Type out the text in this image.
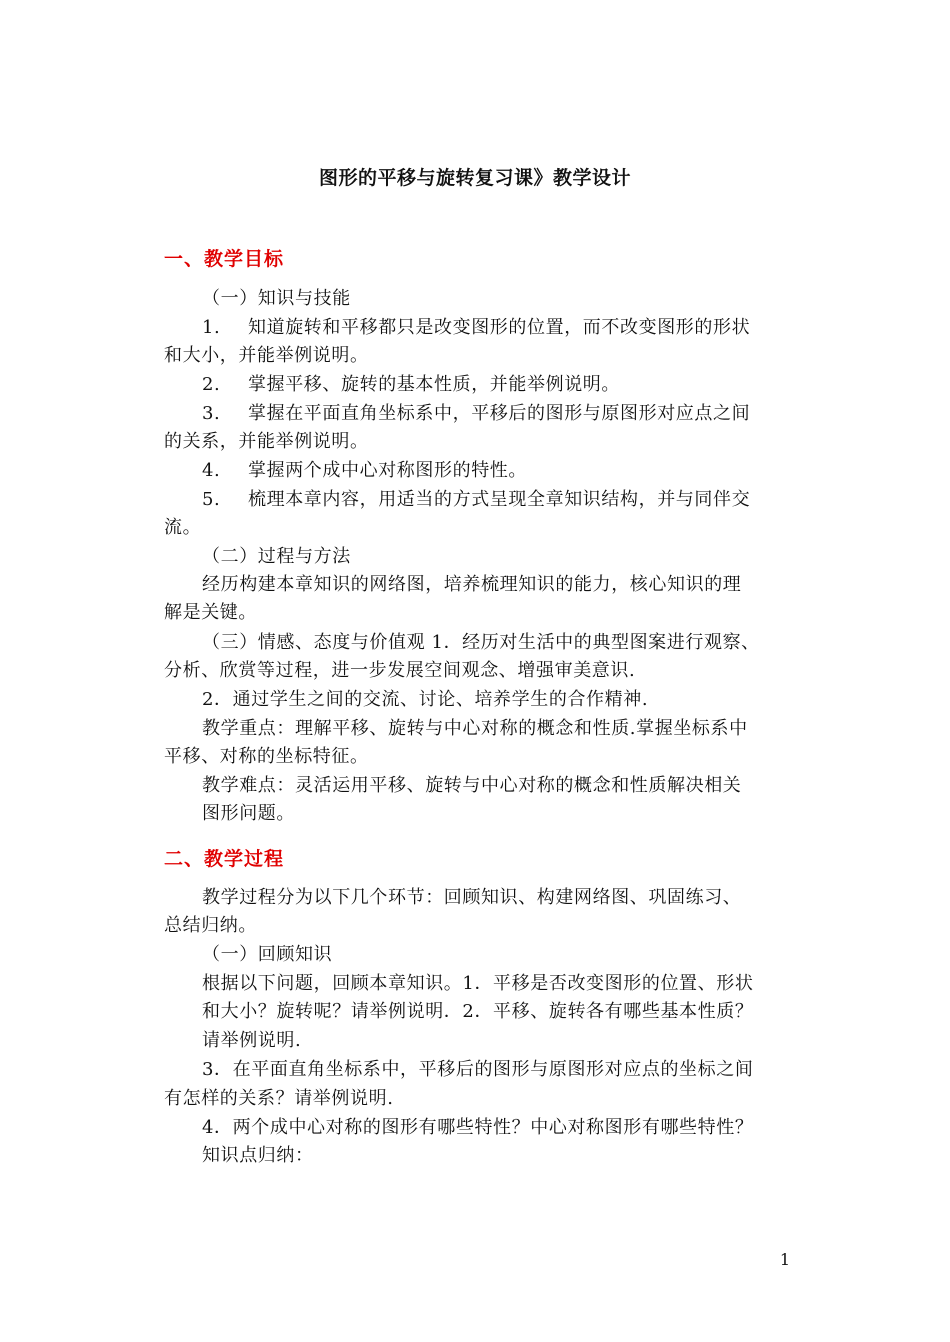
图形的平移与旋转复习课》教学设计
一、教学目标
（一）知识与技能
1. 知道旋转和平移都只是改变图形的位置，而不改变图形的形状
和大小，并能举例说明。
2. 掌握平移、旋转的基本性质，并能举例说明。
3. 掌握在平面直角坐标系中，平移后的图形与原图形对应点之间
的关系，并能举例说明。
4. 掌握两个成中心对称图形的特性。
5. 梳理本章内容，用适当的方式呈现全章知识结构，并与同伴交
流。
（二）过程与方法
经历构建本章知识的网络图，培养梳理知识的能力，核心知识的理
解是关键。
（三）情感、态度与价值观 1．经历对生活中的典型图案进行观察、
分析、欣赏等过程，进一步发展空间观念、增强审美意识.
2．通过学生之间的交流、讨论、培养学生的合作精神.
教学重点：理解平移、旋转与中心对称的概念和性质.掌握坐标系中
平移、对称的坐标特征。
教学难点：灵活运用平移、旋转与中心对称的概念和性质解决相关
图形问题。
二、教学过程
教学过程分为以下几个环节：回顾知识、构建网络图、巩固练习、
总结归纳。
（一）回顾知识
根据以下问题，回顾本章知识。1．平移是否改变图形的位置、形状
和大小？旋转呢？请举例说明．2．平移、旋转各有哪些基本性质？
请举例说明.
3．在平面直角坐标系中，平移后的图形与原图形对应点的坐标之间
有怎样的关系？请举例说明.
4．两个成中心对称的图形有哪些特性？中心对称图形有哪些特性？
知识点归纳：
1
